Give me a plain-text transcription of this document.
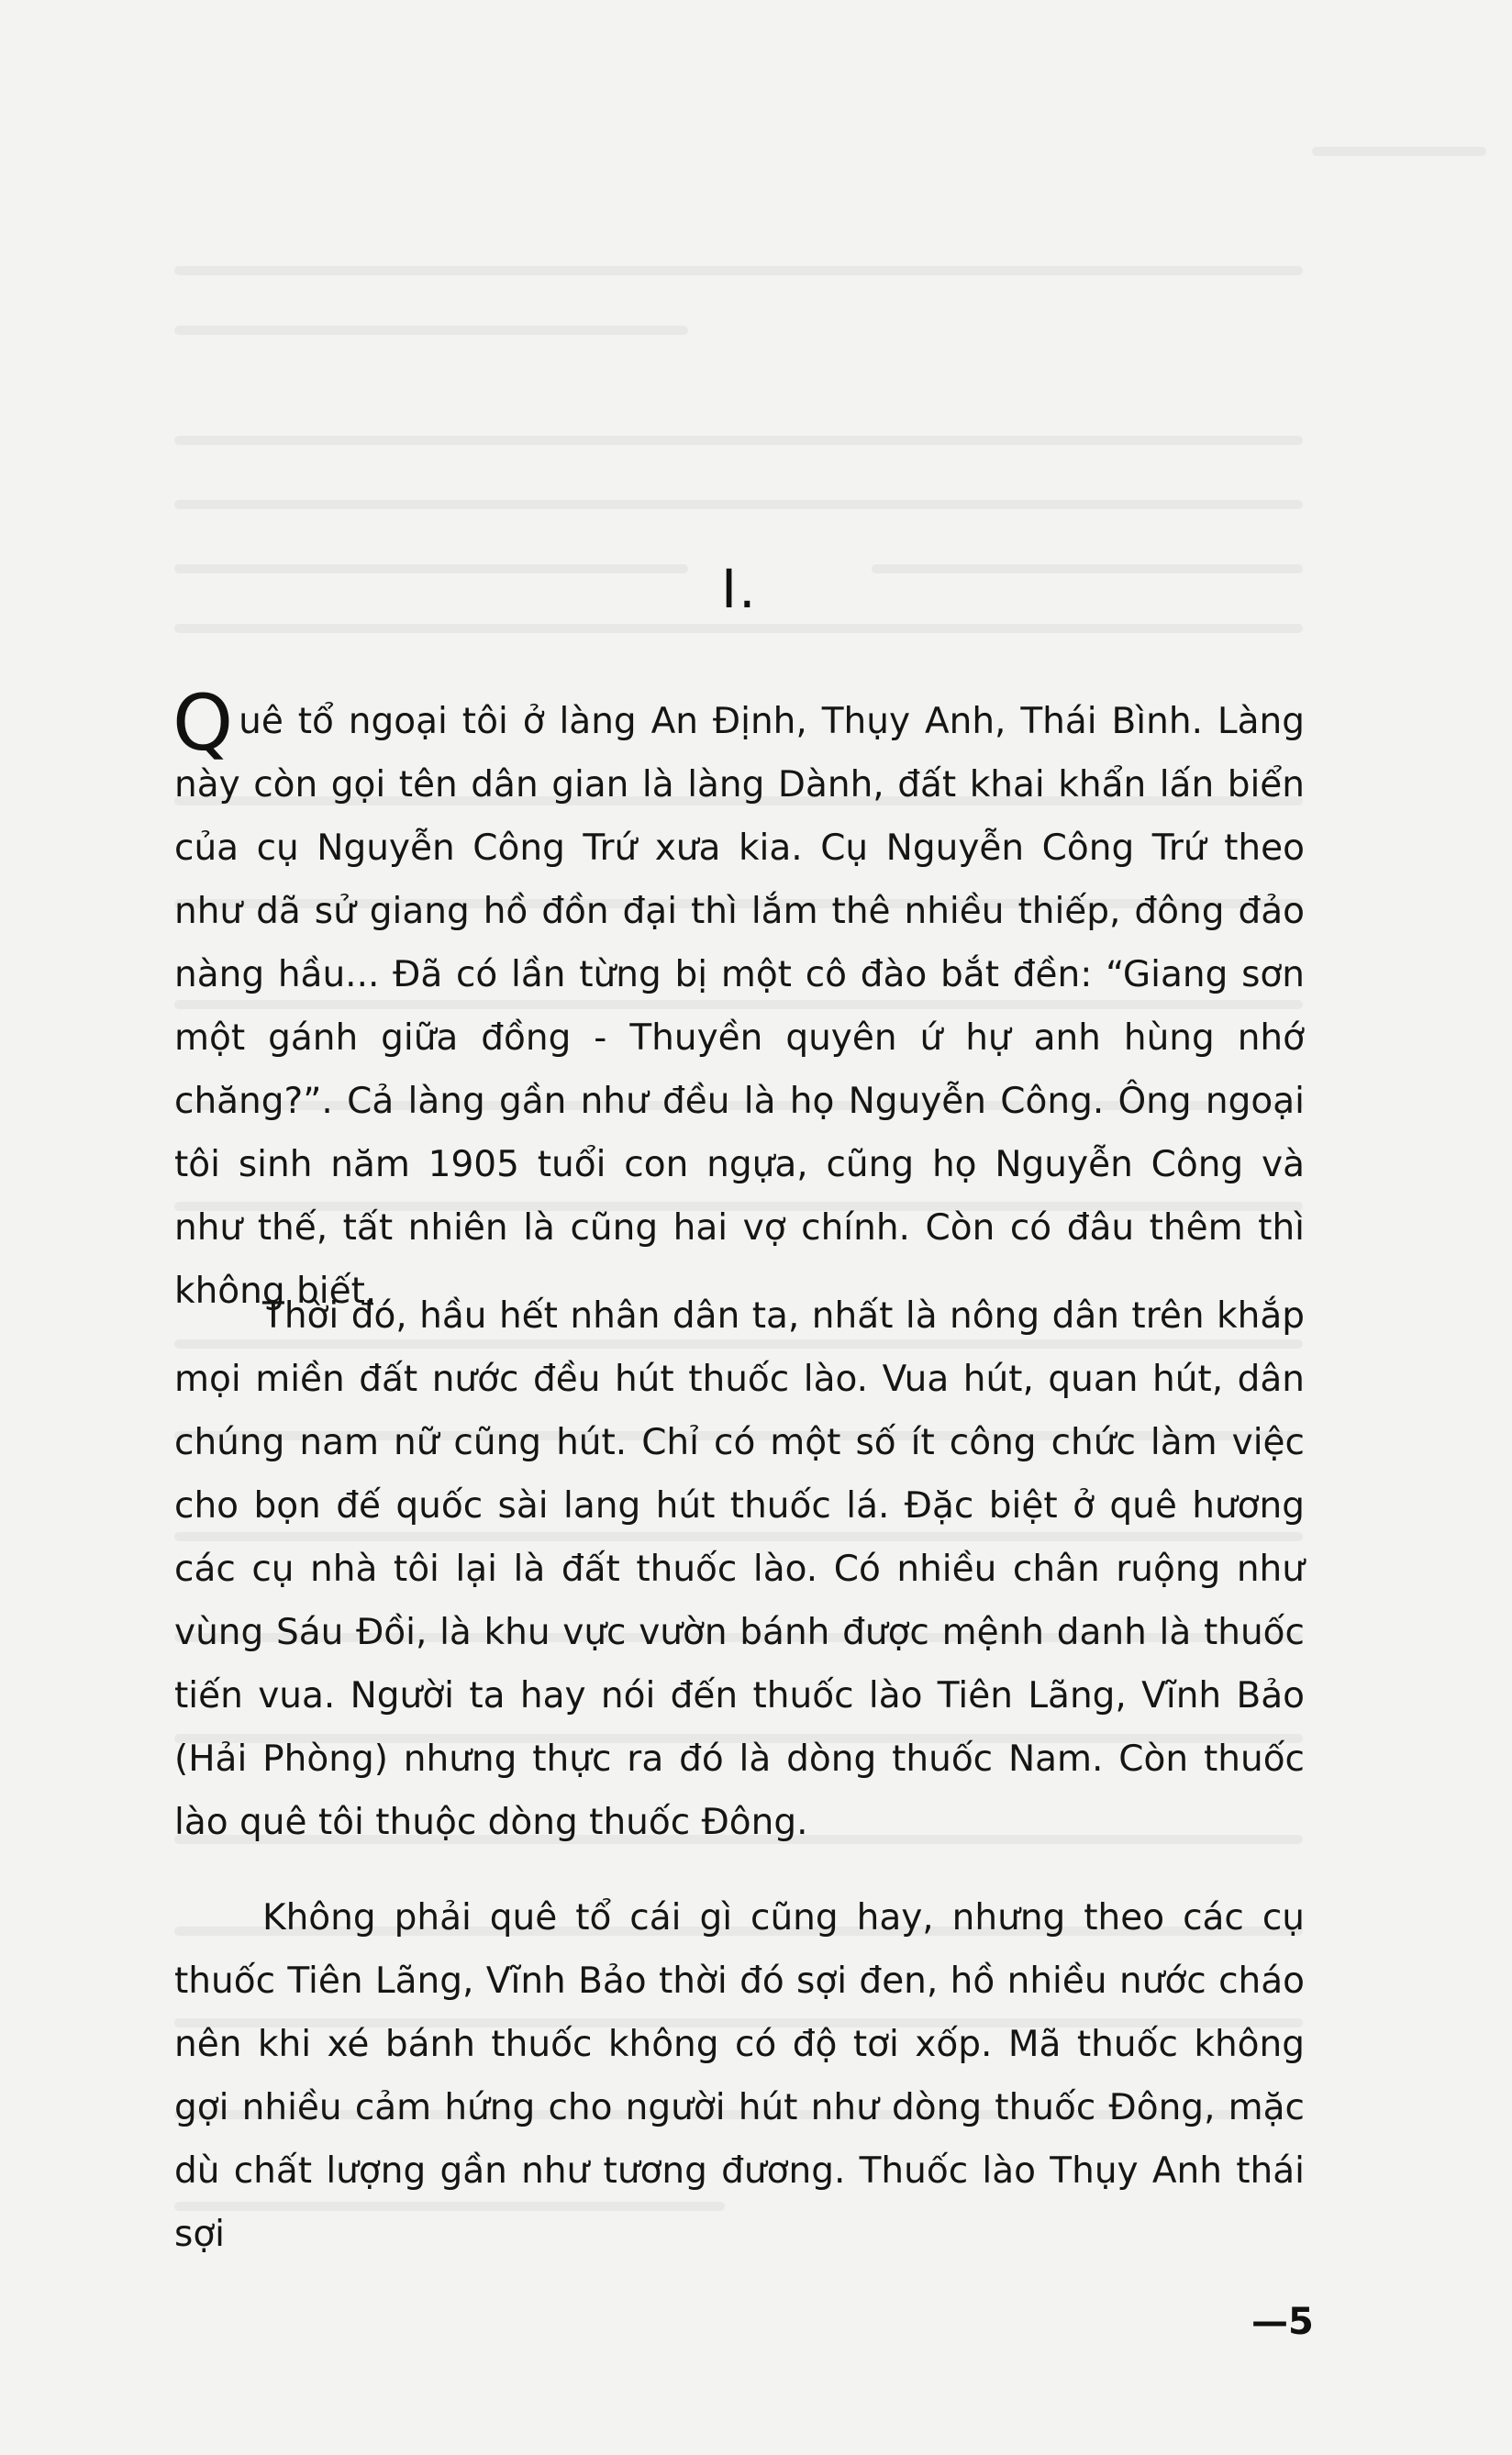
I.

Quê tổ ngoại tôi ở làng An Định, Thụy Anh, Thái Bình. Làng này còn gọi tên dân gian là làng Dành, đất khai khẩn lấn biển của cụ Nguyễn Công Trứ xưa kia. Cụ Nguyễn Công Trứ theo như dã sử giang hồ đồn đại thì lắm thê nhiều thiếp, đông đảo nàng hầu... Đã có lần từng bị một cô đào bắt đền: “Giang sơn một gánh giữa đồng - Thuyền quyên ứ hự anh hùng nhớ chăng?”. Cả làng gần như đều là họ Nguyễn Công. Ông ngoại tôi sinh năm 1905 tuổi con ngựa, cũng họ Nguyễn Công và như thế, tất nhiên là cũng hai vợ chính. Còn có đâu thêm thì không biết.

Thời đó, hầu hết nhân dân ta, nhất là nông dân trên khắp mọi miền đất nước đều hút thuốc lào. Vua hút, quan hút, dân chúng nam nữ cũng hút. Chỉ có một số ít công chức làm việc cho bọn đế quốc sài lang hút thuốc lá. Đặc biệt ở quê hương các cụ nhà tôi lại là đất thuốc lào. Có nhiều chân ruộng như vùng Sáu Đồi, là khu vực vườn bánh được mệnh danh là thuốc tiến vua. Người ta hay nói đến thuốc lào Tiên Lãng, Vĩnh Bảo (Hải Phòng) nhưng thực ra đó là dòng thuốc Nam. Còn thuốc lào quê tôi thuộc dòng thuốc Đông.

Không phải quê tổ cái gì cũng hay, nhưng theo các cụ thuốc Tiên Lãng, Vĩnh Bảo thời đó sợi đen, hồ nhiều nước cháo nên khi xé bánh thuốc không có độ tơi xốp. Mã thuốc không gợi nhiều cảm hứng cho người hút như dòng thuốc Đông, mặc dù chất lượng gần như tương đương. Thuốc lào Thụy Anh thái sợi

—5
